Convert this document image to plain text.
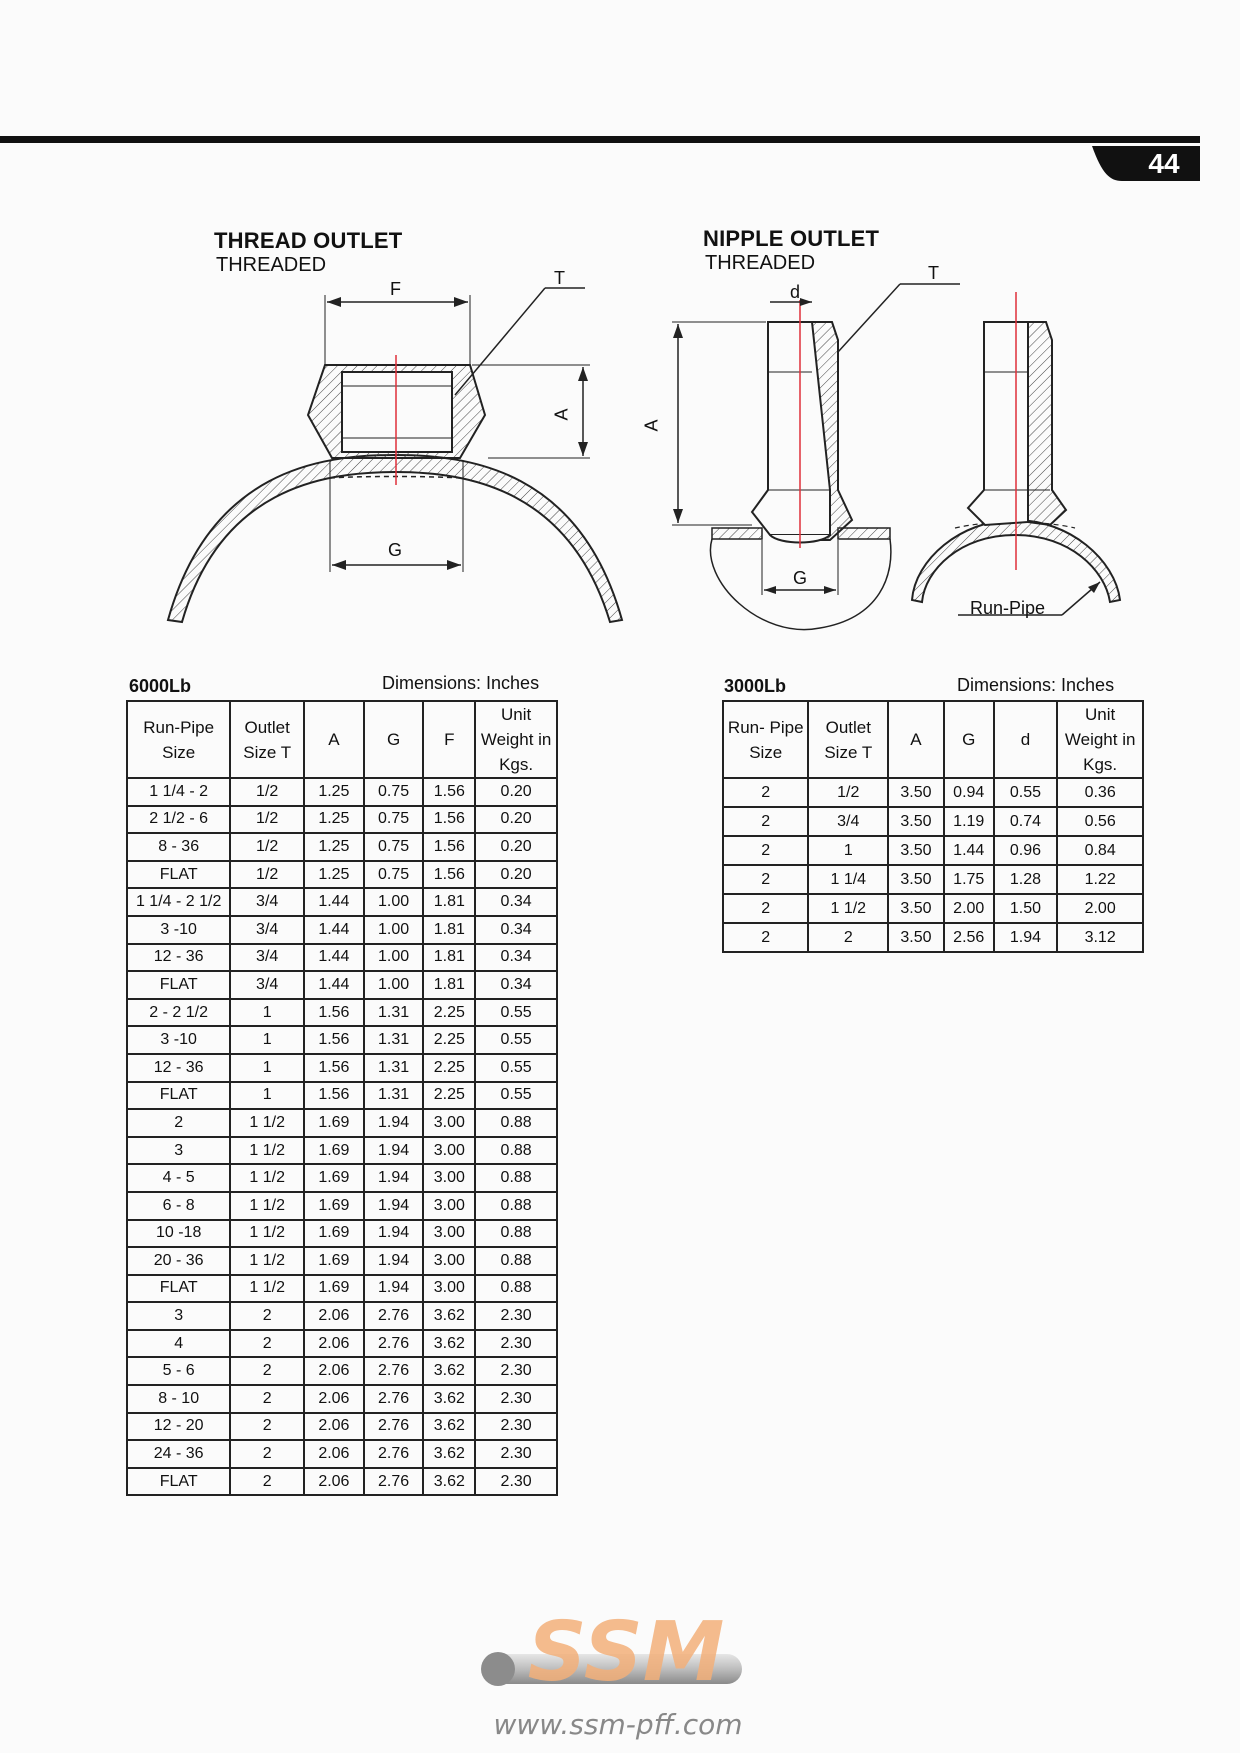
44
THREAD OUTLET
THREADED
NIPPLE OUTLET
THREADED
F
T
A
G
d
T
A
G
Run-Pipe
6000Lb	Dimensions: Inches	3000Lb	Dimensions: Inches
Run-Pipe Size	Outlet Size T	A	G	F	Unit Weight in Kgs.
1 1/4 - 2	1/2	1.25	0.75	1.56	0.20
2 1/2 - 6	1/2	1.25	0.75	1.56	0.20
8 - 36	1/2	1.25	0.75	1.56	0.20
FLAT	1/2	1.25	0.75	1.56	0.20
1 1/4 - 2 1/2	3/4	1.44	1.00	1.81	0.34
3 -10	3/4	1.44	1.00	1.81	0.34
12 - 36	3/4	1.44	1.00	1.81	0.34
FLAT	3/4	1.44	1.00	1.81	0.34
2 - 2 1/2	1	1.56	1.31	2.25	0.55
3 -10	1	1.56	1.31	2.25	0.55
12 - 36	1	1.56	1.31	2.25	0.55
FLAT	1	1.56	1.31	2.25	0.55
2	1 1/2	1.69	1.94	3.00	0.88
3	1 1/2	1.69	1.94	3.00	0.88
4 - 5	1 1/2	1.69	1.94	3.00	0.88
6 - 8	1 1/2	1.69	1.94	3.00	0.88
10 -18	1 1/2	1.69	1.94	3.00	0.88
20 - 36	1 1/2	1.69	1.94	3.00	0.88
FLAT	1 1/2	1.69	1.94	3.00	0.88
3	2	2.06	2.76	3.62	2.30
4	2	2.06	2.76	3.62	2.30
5 - 6	2	2.06	2.76	3.62	2.30
8 - 10	2	2.06	2.76	3.62	2.30
12 - 20	2	2.06	2.76	3.62	2.30
24 - 36	2	2.06	2.76	3.62	2.30
FLAT	2	2.06	2.76	3.62	2.30
Run- Pipe Size	Outlet Size T	A	G	d	Unit Weight in Kgs.
2	1/2	3.50	0.94	0.55	0.36
2	3/4	3.50	1.19	0.74	0.56
2	1	3.50	1.44	0.96	0.84
2	1 1/4	3.50	1.75	1.28	1.22
2	1 1/2	3.50	2.00	1.50	2.00
2	2	3.50	2.56	1.94	3.12
SSM
www.ssm-pff.com
